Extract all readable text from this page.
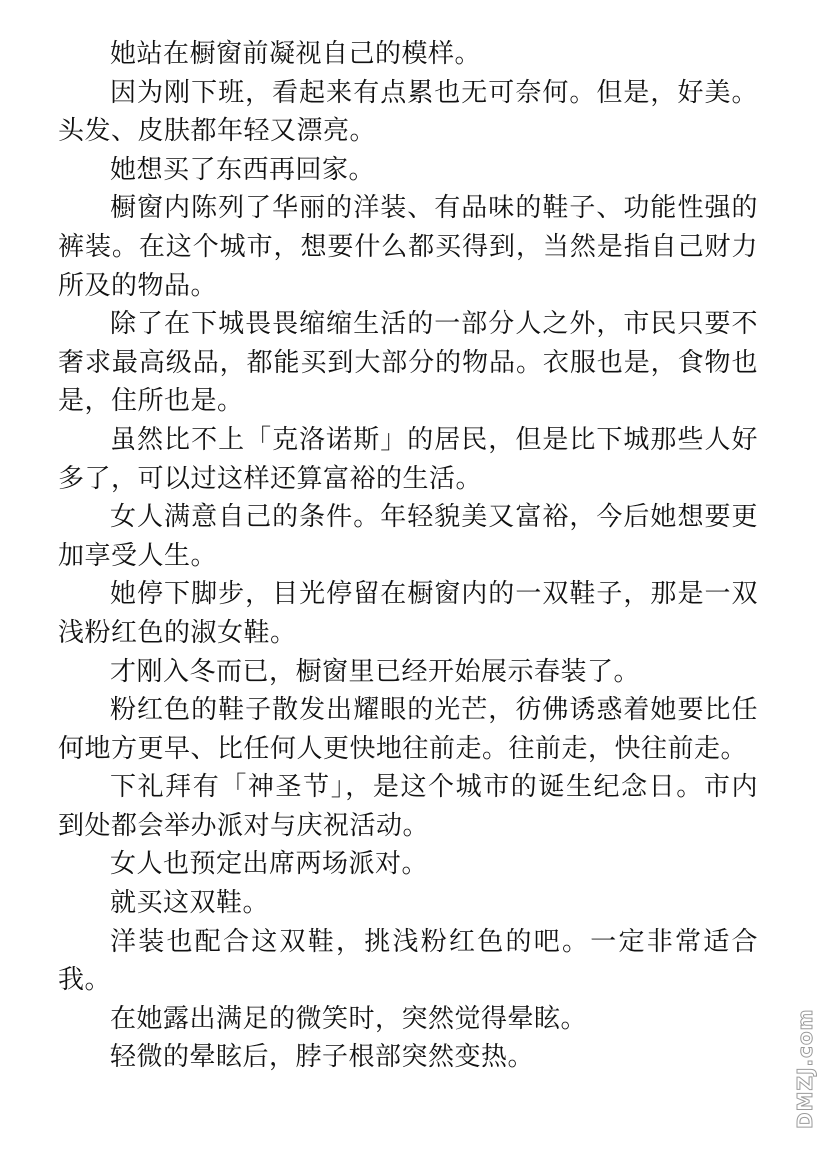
她站在橱窗前凝视自己的模样。

因为刚下班，看起来有点累也无可奈何。但是，好美。头发、皮肤都年轻又漂亮。

她想买了东西再回家。

橱窗内陈列了华丽的洋装、有品味的鞋子、功能性强的裤装。在这个城市，想要什么都买得到，当然是指自己财力所及的物品。

除了在下城畏畏缩缩生活的一部分人之外，市民只要不奢求最高级品，都能买到大部分的物品。衣服也是，食物也是，住所也是。

虽然比不上「克洛诺斯」的居民，但是比下城那些人好多了，可以过这样还算富裕的生活。

女人满意自己的条件。年轻貌美又富裕，今后她想要更加享受人生。

她停下脚步，目光停留在橱窗内的一双鞋子，那是一双浅粉红色的淑女鞋。

才刚入冬而已，橱窗里已经开始展示春装了。

粉红色的鞋子散发出耀眼的光芒，彷佛诱惑着她要比任何地方更早、比任何人更快地往前走。往前走，快往前走。

下礼拜有「神圣节」，是这个城市的诞生纪念日。市内到处都会举办派对与庆祝活动。

女人也预定出席两场派对。

就买这双鞋。

洋装也配合这双鞋，挑浅粉红色的吧。一定非常适合我。

在她露出满足的微笑时，突然觉得晕眩。

轻微的晕眩后，脖子根部突然变热。	DMZJ.com
